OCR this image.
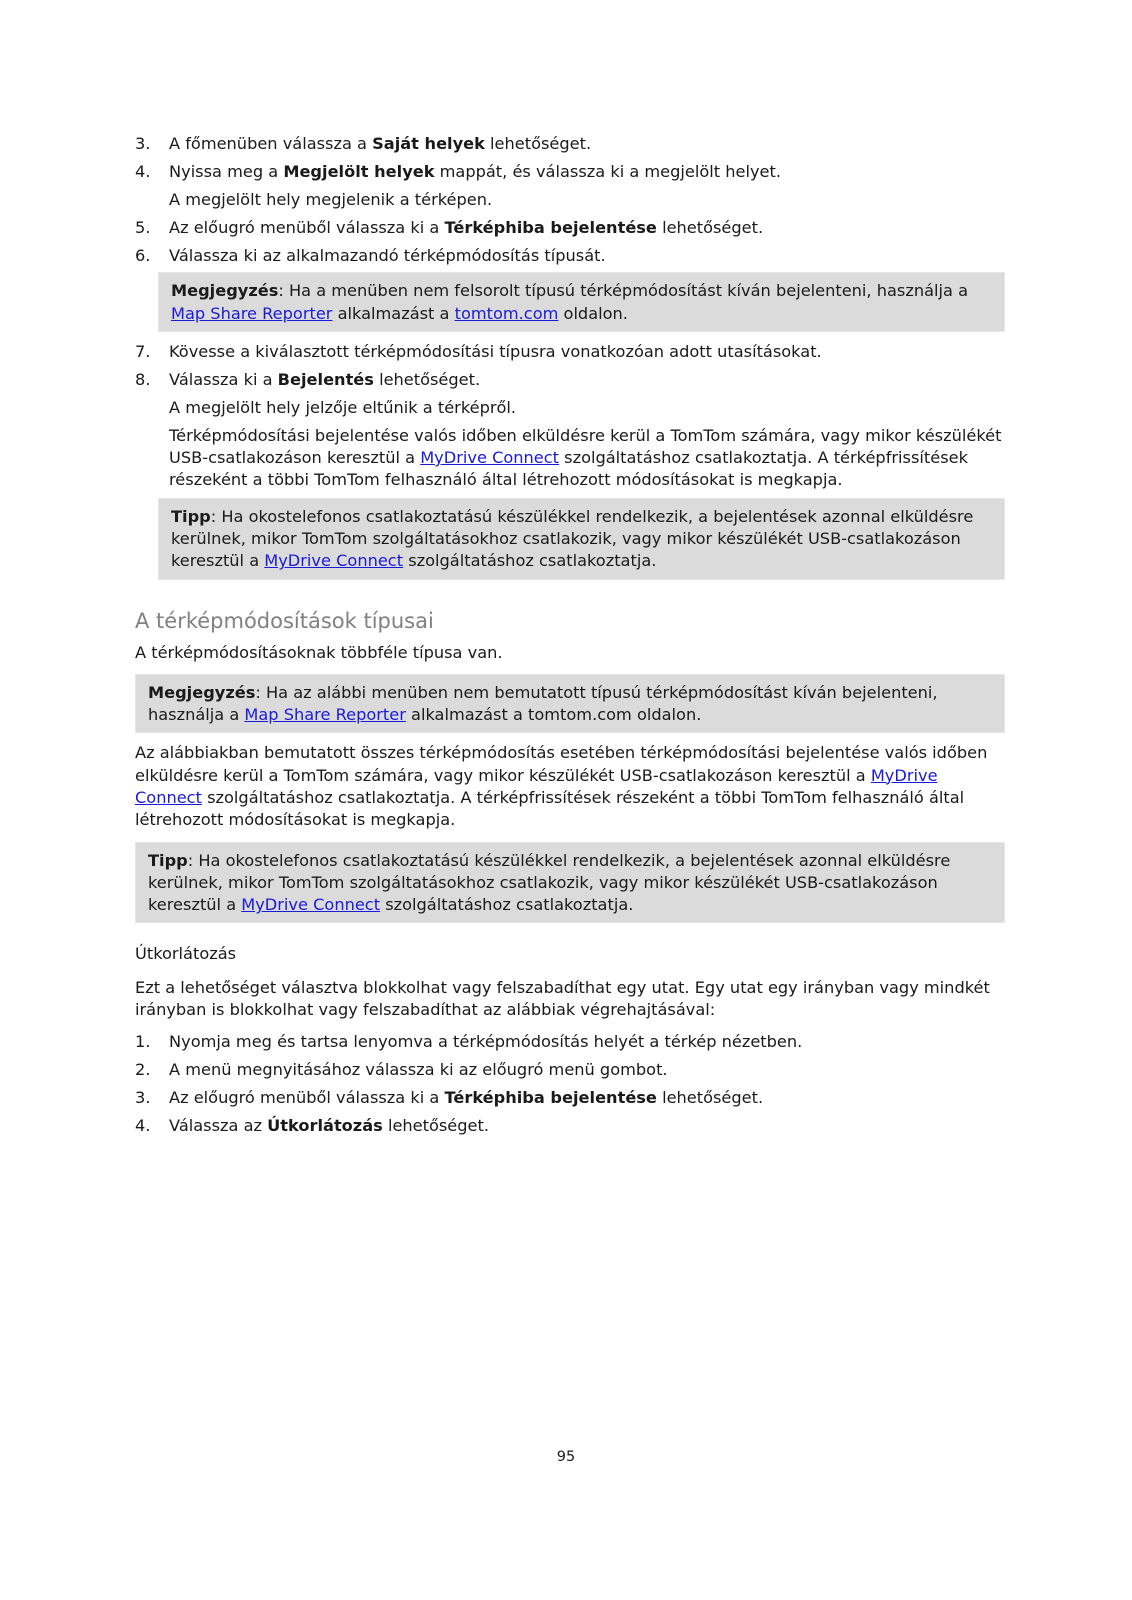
3. A főmenüben válassza a Saját helyek lehetőséget.
4. Nyissa meg a Megjelölt helyek mappát, és válassza ki a megjelölt helyet.
A megjelölt hely megjelenik a térképen.
5. Az előugró menüből válassza ki a Térképhiba bejelentése lehetőséget.
6. Válassza ki az alkalmazandó térképmódosítás típusát.
Megjegyzés: Ha a menüben nem felsorolt típusú térképmódosítást kíván bejelenteni, használja a Map Share Reporter alkalmazást a tomtom.com oldalon.
7. Kövesse a kiválasztott térképmódosítási típusra vonatkozóan adott utasításokat.
8. Válassza ki a Bejelentés lehetőséget.
A megjelölt hely jelzője eltűnik a térképről.
Térképmódosítási bejelentése valós időben elküldésre kerül a TomTom számára, vagy mikor készülékét USB-csatlakozáson keresztül a MyDrive Connect szolgáltatáshoz csatlakoztatja. A térképfrissítések részeként a többi TomTom felhasználó által létrehozott módosításokat is megkapja.
Tipp: Ha okostelefonos csatlakoztatású készülékkel rendelkezik, a bejelentések azonnal elküldésre kerülnek, mikor TomTom szolgáltatásokhoz csatlakozik, vagy mikor készülékét USB-csatlakozáson keresztül a MyDrive Connect szolgáltatáshoz csatlakoztatja.
A térképmódosítások típusai
A térképmódosításoknak többféle típusa van.
Megjegyzés: Ha az alábbi menüben nem bemutatott típusú térképmódosítást kíván bejelenteni, használja a Map Share Reporter alkalmazást a tomtom.com oldalon.
Az alábbiakban bemutatott összes térképmódosítás esetében térképmódosítási bejelentése valós időben elküldésre kerül a TomTom számára, vagy mikor készülékét USB-csatlakozáson keresztül a MyDrive Connect szolgáltatáshoz csatlakoztatja. A térképfrissítések részeként a többi TomTom felhasználó által létrehozott módosításokat is megkapja.
Tipp: Ha okostelefonos csatlakoztatású készülékkel rendelkezik, a bejelentések azonnal elküldésre kerülnek, mikor TomTom szolgáltatásokhoz csatlakozik, vagy mikor készülékét USB-csatlakozáson keresztül a MyDrive Connect szolgáltatáshoz csatlakoztatja.
Útkorlátozás
Ezt a lehetőséget választva blokkolhat vagy felszabadíthat egy utat. Egy utat egy irányban vagy mindkét irányban is blokkolhat vagy felszabadíthat az alábbiak végrehajtásával:
1. Nyomja meg és tartsa lenyomva a térképmódosítás helyét a térkép nézetben.
2. A menü megnyitásához válassza ki az előugró menü gombot.
3. Az előugró menüből válassza ki a Térképhiba bejelentése lehetőséget.
4. Válassza az Útkorlátozás lehetőséget.
95
